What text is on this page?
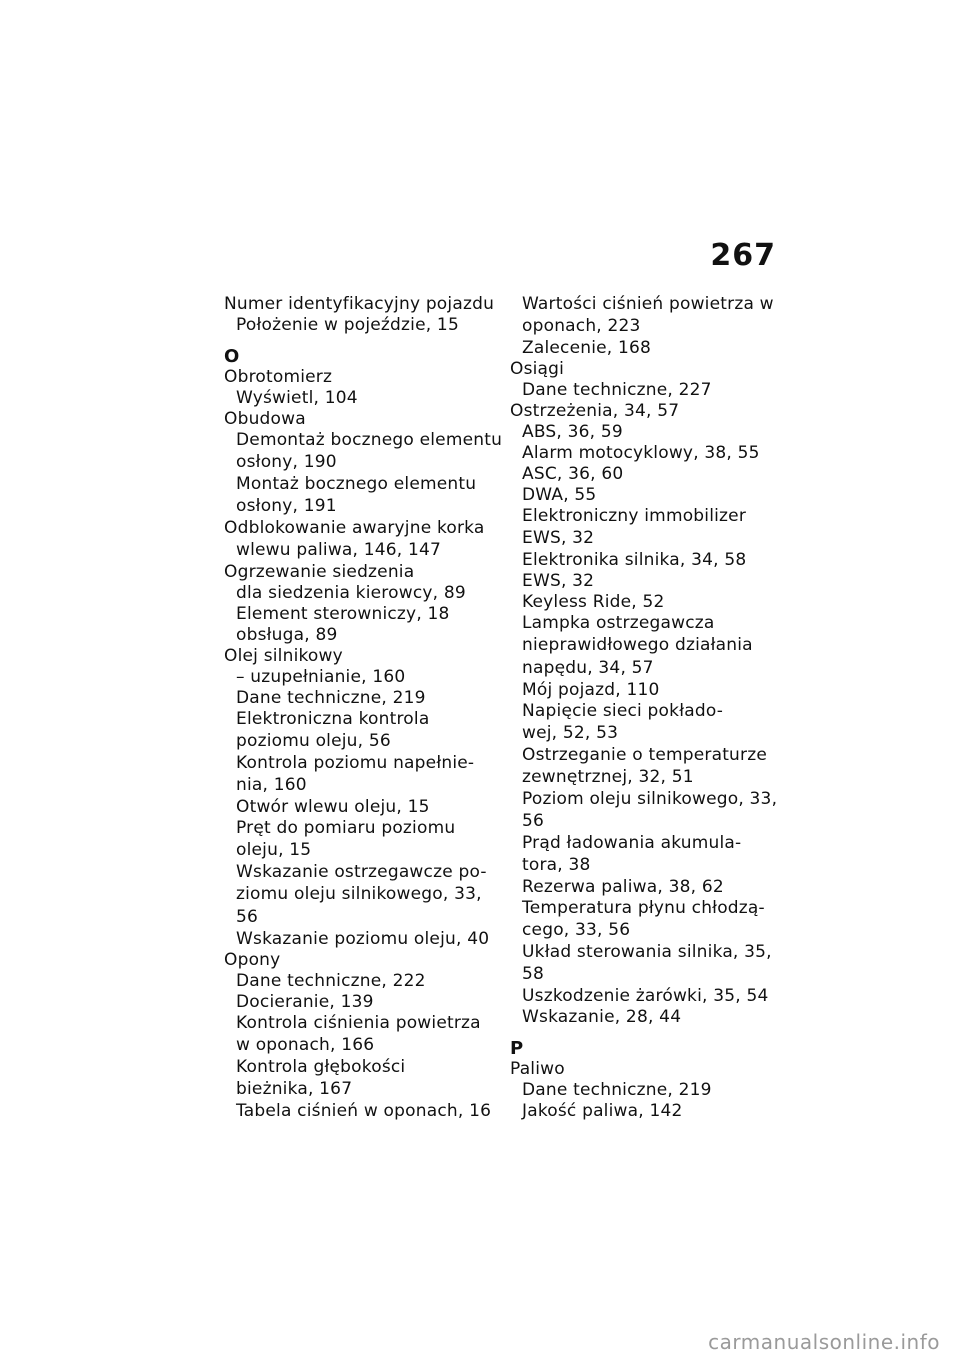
267
Numer identyfikacyjny pojazdu
Położenie w pojeździe, 15
O
Obrotomierz
Wyświetl, 104
Obudowa
Demontaż bocznego elementu
osłony, 190
Montaż bocznego elementu
osłony, 191
Odblokowanie awaryjne korka
wlewu paliwa, 146, 147
Ogrzewanie siedzenia
dla siedzenia kierowcy, 89
Element sterowniczy, 18
obsługa, 89
Olej silnikowy
– uzupełnianie, 160
Dane techniczne, 219
Elektroniczna kontrola
poziomu oleju, 56
Kontrola poziomu napełnie-
nia, 160
Otwór wlewu oleju, 15
Pręt do pomiaru poziomu
oleju, 15
Wskazanie ostrzegawcze po-
ziomu oleju silnikowego, 33,
56
Wskazanie poziomu oleju, 40
Opony
Dane techniczne, 222
Docieranie, 139
Kontrola ciśnienia powietrza
w oponach, 166
Kontrola głębokości
bieżnika, 167
Tabela ciśnień w oponach, 16
Wartości ciśnień powietrza w
oponach, 223
Zalecenie, 168
Osiągi
Dane techniczne, 227
Ostrzeżenia, 34, 57
ABS, 36, 59
Alarm motocyklowy, 38, 55
ASC, 36, 60
DWA, 55
Elektroniczny immobilizer
EWS, 32
Elektronika silnika, 34, 58
EWS, 32
Keyless Ride, 52
Lampka ostrzegawcza
nieprawidłowego działania
napędu, 34, 57
Mój pojazd, 110
Napięcie sieci pokłado-
wej, 52, 53
Ostrzeganie o temperaturze
zewnętrznej, 32, 51
Poziom oleju silnikowego, 33,
56
Prąd ładowania akumula-
tora, 38
Rezerwa paliwa, 38, 62
Temperatura płynu chłodzą-
cego, 33, 56
Układ sterowania silnika, 35,
58
Uszkodzenie żarówki, 35, 54
Wskazanie, 28, 44
P
Paliwo
Dane techniczne, 219
Jakość paliwa, 142
carmanualsonline.info
